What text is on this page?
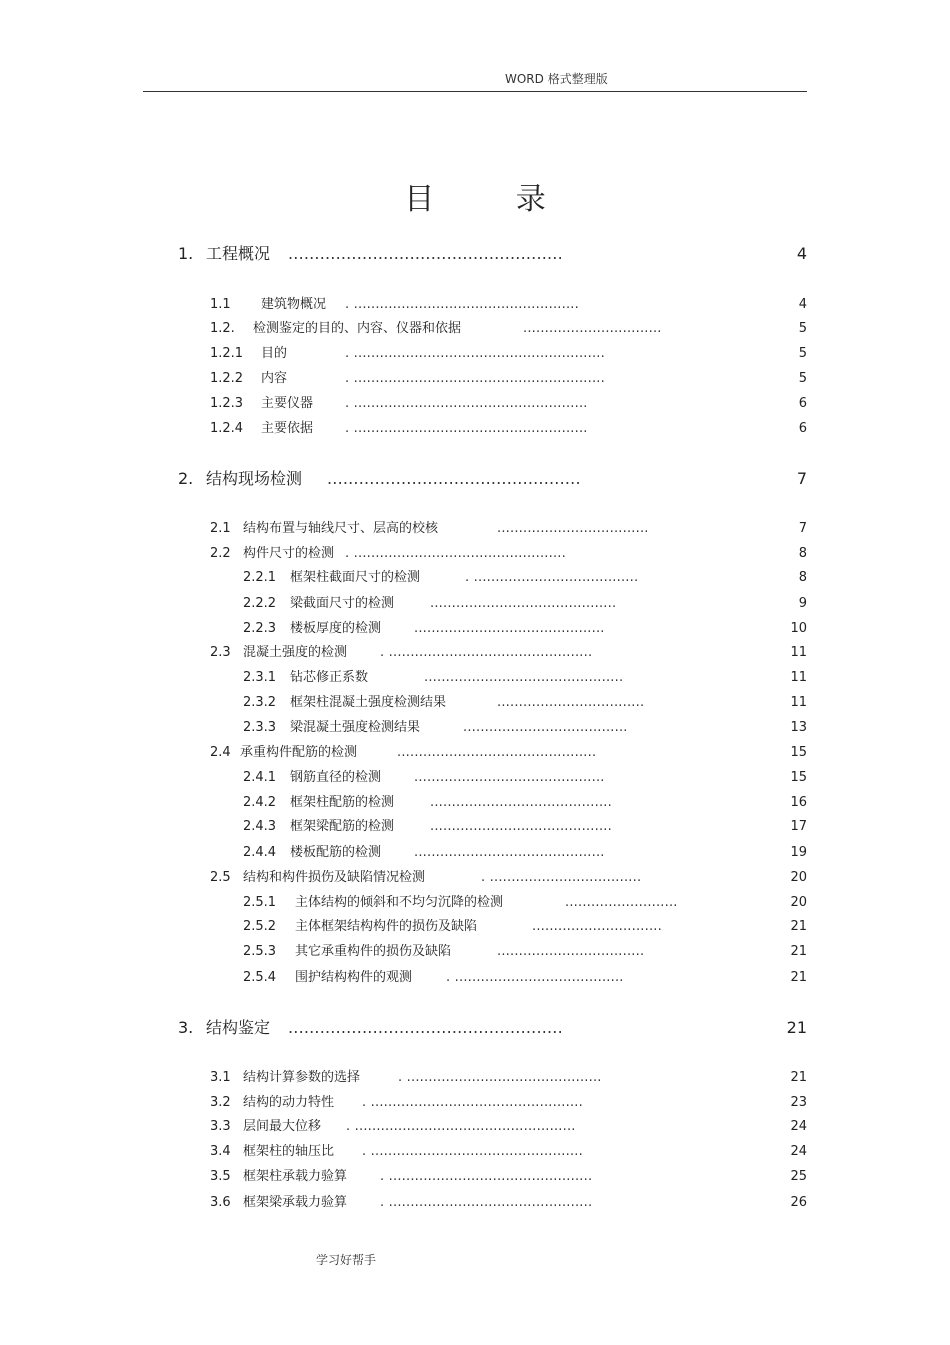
WORD 格式整理版
目 录
1. 工程概况 ....................................................	4
1.1 建筑物概况 . ....................................................	4
1.2. 检测鉴定的目的、内容、仪器和依据	................................	5
1.2.1 目的	. ..........................................................	5
1.2.2 内容	. ..........................................................	5
1.2.3 主要仪器 . ......................................................	6
1.2.4 主要依据 . ......................................................	6
2. 结构现场检测 ................................................	7
2.1 结构布置与轴线尺寸、层高的校核	...................................	7
2.2 构件尺寸的检测 . .................................................	8
2.2.1 框架柱截面尺寸的检测	. ......................................	8
2.2.2 梁截面尺寸的检测	...........................................	9
2.2.3 楼板厚度的检测	............................................	10
2.3 混凝土强度的检测	. ...............................................	11
2.3.1 钻芯修正系数	..............................................	11
2.3.2 框架柱混凝土强度检测结果	..................................	11
2.3.3 梁混凝土强度检测结果	......................................	13
2.4 承重构件配筋的检测	..............................................	15
2.4.1 钢筋直径的检测	............................................	15
2.4.2 框架柱配筋的检测	..........................................	16
2.4.3 框架梁配筋的检测	..........................................	17
2.4.4 楼板配筋的检测	............................................	19
2.5 结构和构件损伤及缺陷情况检测	. ...................................	20
2.5.1 主体结构的倾斜和不均匀沉降的检测	..........................	20
2.5.2 主体框架结构构件的损伤及缺陷	..............................	21
2.5.3 其它承重构件的损伤及缺陷	..................................	21
2.5.4 围护结构构件的观测	. .......................................	21
3. 结构鉴定 ....................................................	21
3.1 结构计算参数的选择	. .............................................	21
3.2 结构的动力特性 . .................................................	23
3.3 层间最大位移 . ...................................................	24
3.4 框架柱的轴压比 . .................................................	24
3.5 框架柱承载力验算	. ...............................................	25
3.6 框架梁承载力验算	. ...............................................	26
学习好帮手
